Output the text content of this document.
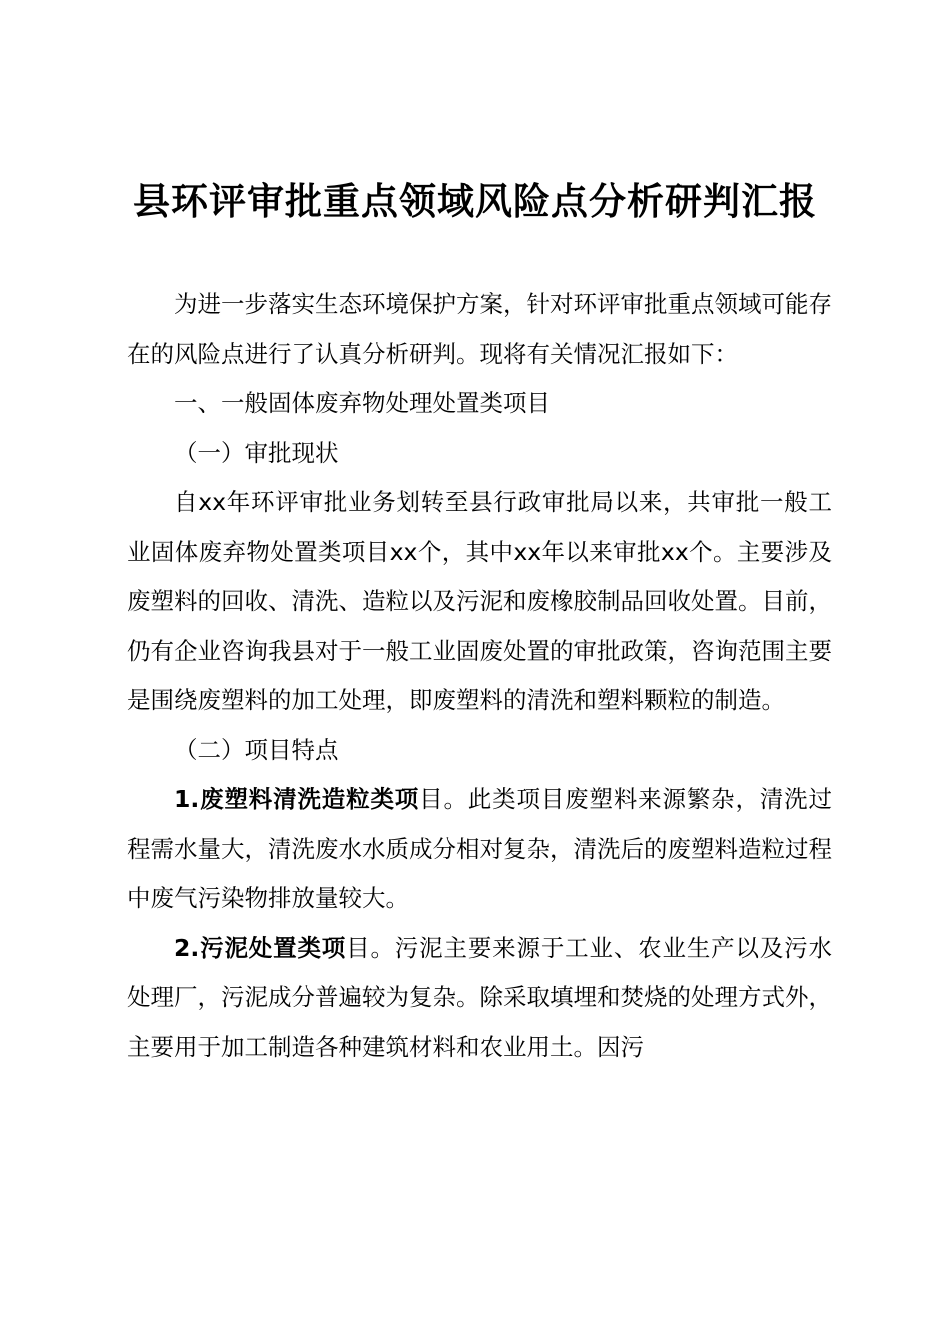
县环评审批重点领域风险点分析研判汇报

为进一步落实生态环境保护方案，针对环评审批重点领域可能存在的风险点进行了认真分析研判。现将有关情况汇报如下：

一、一般固体废弃物处理处置类项目

（一）审批现状

自xx年环评审批业务划转至县行政审批局以来，共审批一般工业固体废弃物处置类项目xx个，其中xx年以来审批xx个。主要涉及废塑料的回收、清洗、造粒以及污泥和废橡胶制品回收处置。目前，仍有企业咨询我县对于一般工业固废处置的审批政策，咨询范围主要是围绕废塑料的加工处理，即废塑料的清洗和塑料颗粒的制造。

（二）项目特点

1.废塑料清洗造粒类项目。此类项目废塑料来源繁杂，清洗过程需水量大，清洗废水水质成分相对复杂，清洗后的废塑料造粒过程中废气污染物排放量较大。

2.污泥处置类项目。污泥主要来源于工业、农业生产以及污水处理厂，污泥成分普遍较为复杂。除采取填埋和焚烧的处理方式外，主要用于加工制造各种建筑材料和农业用土。因污
